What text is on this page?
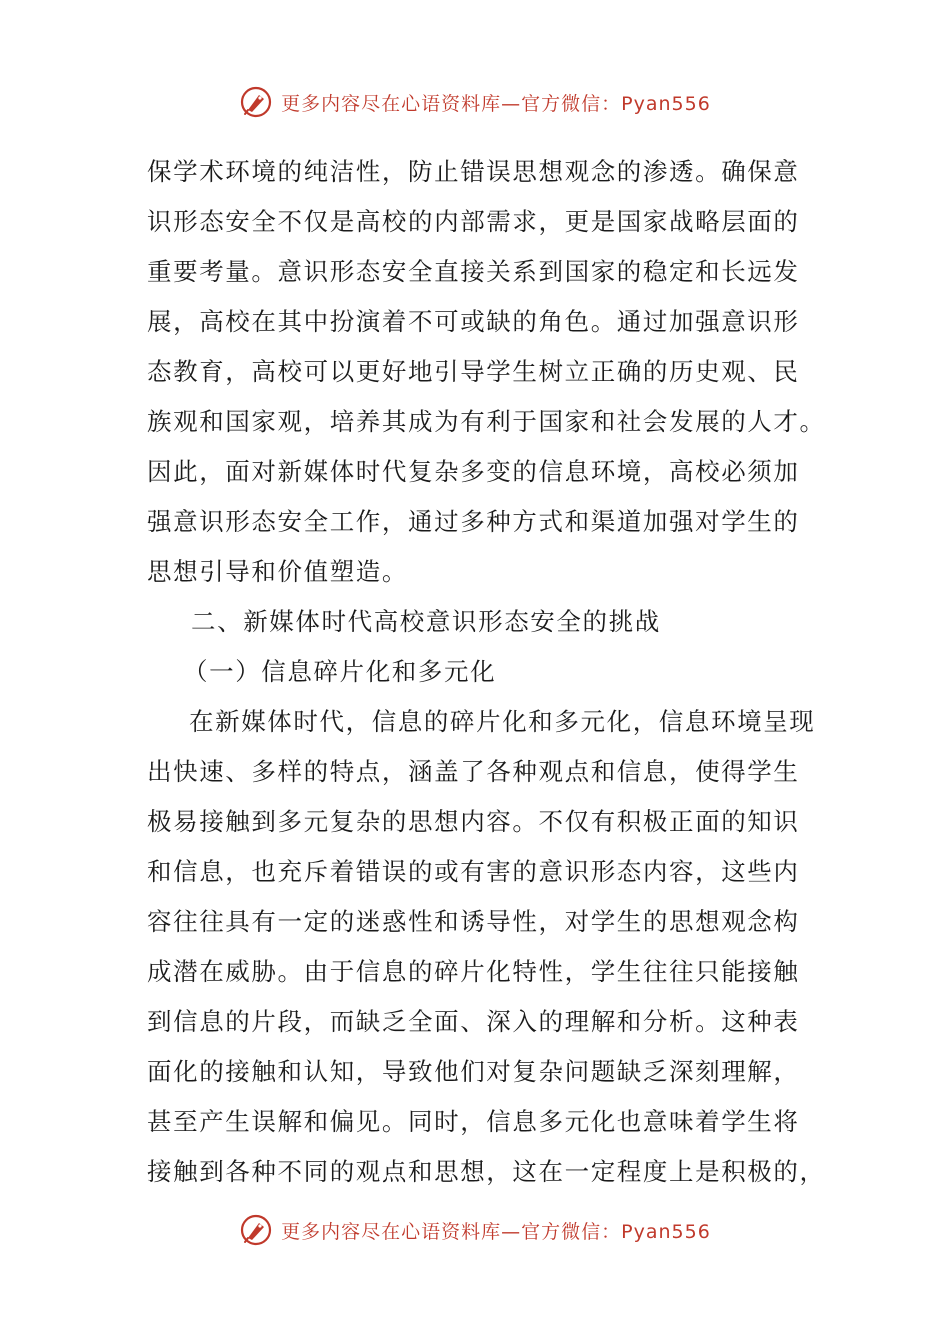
更多内容尽在心语资料库—官方微信：Pyan556
保学术环境的纯洁性，防止错误思想观念的渗透。确保意
识形态安全不仅是高校的内部需求，更是国家战略层面的
重要考量。意识形态安全直接关系到国家的稳定和长远发
展，高校在其中扮演着不可或缺的角色。通过加强意识形
态教育，高校可以更好地引导学生树立正确的历史观、民
族观和国家观，培养其成为有利于国家和社会发展的人才。
因此，面对新媒体时代复杂多变的信息环境，高校必须加
强意识形态安全工作，通过多种方式和渠道加强对学生的
思想引导和价值塑造。
二、新媒体时代高校意识形态安全的挑战
（一）信息碎片化和多元化
在新媒体时代，信息的碎片化和多元化，信息环境呈现
出快速、多样的特点，涵盖了各种观点和信息，使得学生
极易接触到多元复杂的思想内容。不仅有积极正面的知识
和信息，也充斥着错误的或有害的意识形态内容，这些内
容往往具有一定的迷惑性和诱导性，对学生的思想观念构
成潜在威胁。由于信息的碎片化特性，学生往往只能接触
到信息的片段，而缺乏全面、深入的理解和分析。这种表
面化的接触和认知，导致他们对复杂问题缺乏深刻理解，
甚至产生误解和偏见。同时，信息多元化也意味着学生将
接触到各种不同的观点和思想，这在一定程度上是积极的，
更多内容尽在心语资料库—官方微信：Pyan556
